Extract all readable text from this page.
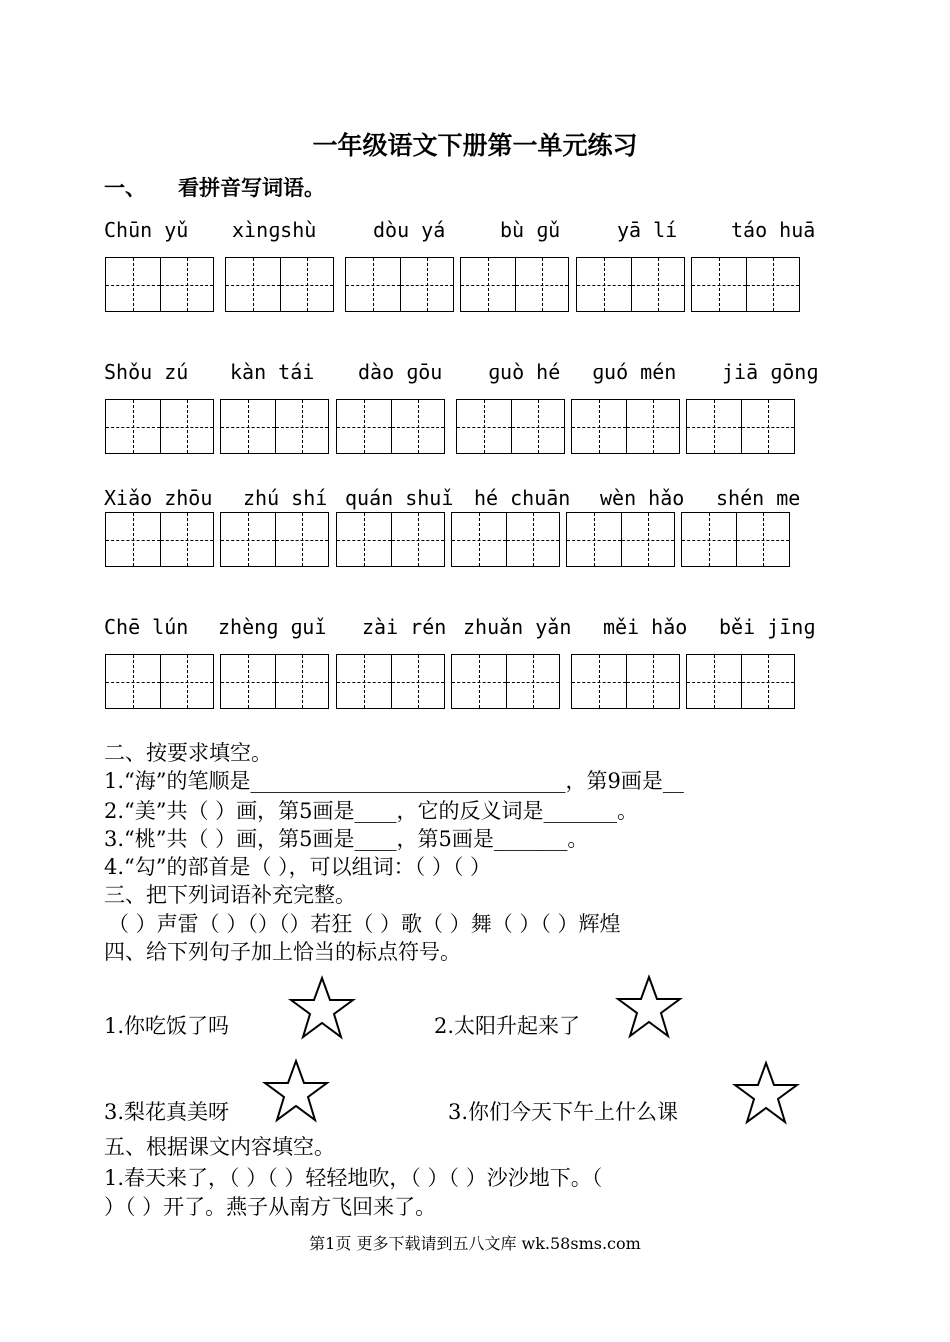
一年级语文下册第一单元练习
一、 看拼音写词语。
Chūn yǔ xìnɡshù	dòu yá	bù ɡǔ	yā lí	táo huā
Shǒu zú kàn tái dào ɡōu ɡuò hé ɡuó mén jiā ɡōnɡ
Xiǎo zhōu zhú shí quán shuǐ hé chuān wèn hǎo shén me
Chē lún zhènɡ ɡuǐ zài rén zhuǎn yǎn měi hǎo běi jīnɡ
二、按要求填空。
1.“海”的笔顺是______________________________，第9画是__
2.“美”共（ ）画，第5画是____，它的反义词是_______。
3.“桃”共（ ）画，第5画是____，第5画是_______。
4.“勾”的部首是（ ），可以组词：（ ）（ ）
三、把下列词语补充完整。
（ ）声雷（ ）（）（）若狂（ ）歌（ ）舞（ ）（ ）辉煌
四、给下列句子加上恰当的标点符号。
1.你吃饭了吗	2.太阳升起来了
3.梨花真美呀	3.你们今天下午上什么课
五、根据课文内容填空。
1.春天来了，（ ）（ ）轻轻地吹，（ ）（ ）沙沙地下。（
）（ ）开了。燕子从南方飞回来了。
第1页 更多下载请到五八文库 wk.58sms.com
